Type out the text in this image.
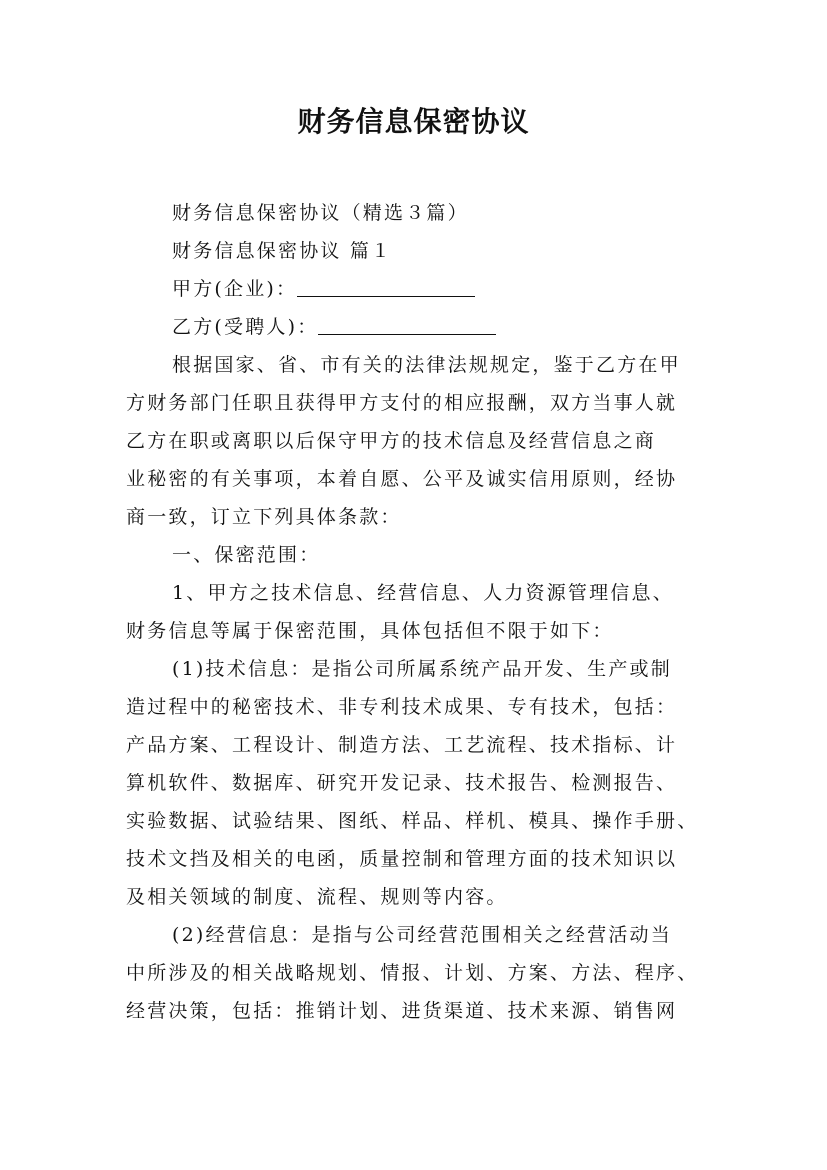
财务信息保密协议

财务信息保密协议（精选３篇）

财务信息保密协议 篇１

甲方(企业)：

乙方(受聘人)：

根据国家、省、市有关的法律法规规定，鉴于乙方在甲

方财务部门任职且获得甲方支付的相应报酬，双方当事人就

乙方在职或离职以后保守甲方的技术信息及经营信息之商

业秘密的有关事项，本着自愿、公平及诚实信用原则，经协

商一致，订立下列具体条款：

一、保密范围：

1、甲方之技术信息、经营信息、人力资源管理信息、

财务信息等属于保密范围，具体包括但不限于如下：

(1)技术信息：是指公司所属系统产品开发、生产或制

造过程中的秘密技术、非专利技术成果、专有技术，包括：

产品方案、工程设计、制造方法、工艺流程、技术指标、计

算机软件、数据库、研究开发记录、技术报告、检测报告、

实验数据、试验结果、图纸、样品、样机、模具、操作手册、

技术文挡及相关的电函，质量控制和管理方面的技术知识以

及相关领域的制度、流程、规则等内容。

(2)经营信息：是指与公司经营范围相关之经营活动当

中所涉及的相关战略规划、情报、计划、方案、方法、程序、

经营决策，包括：推销计划、进货渠道、技术来源、销售网
